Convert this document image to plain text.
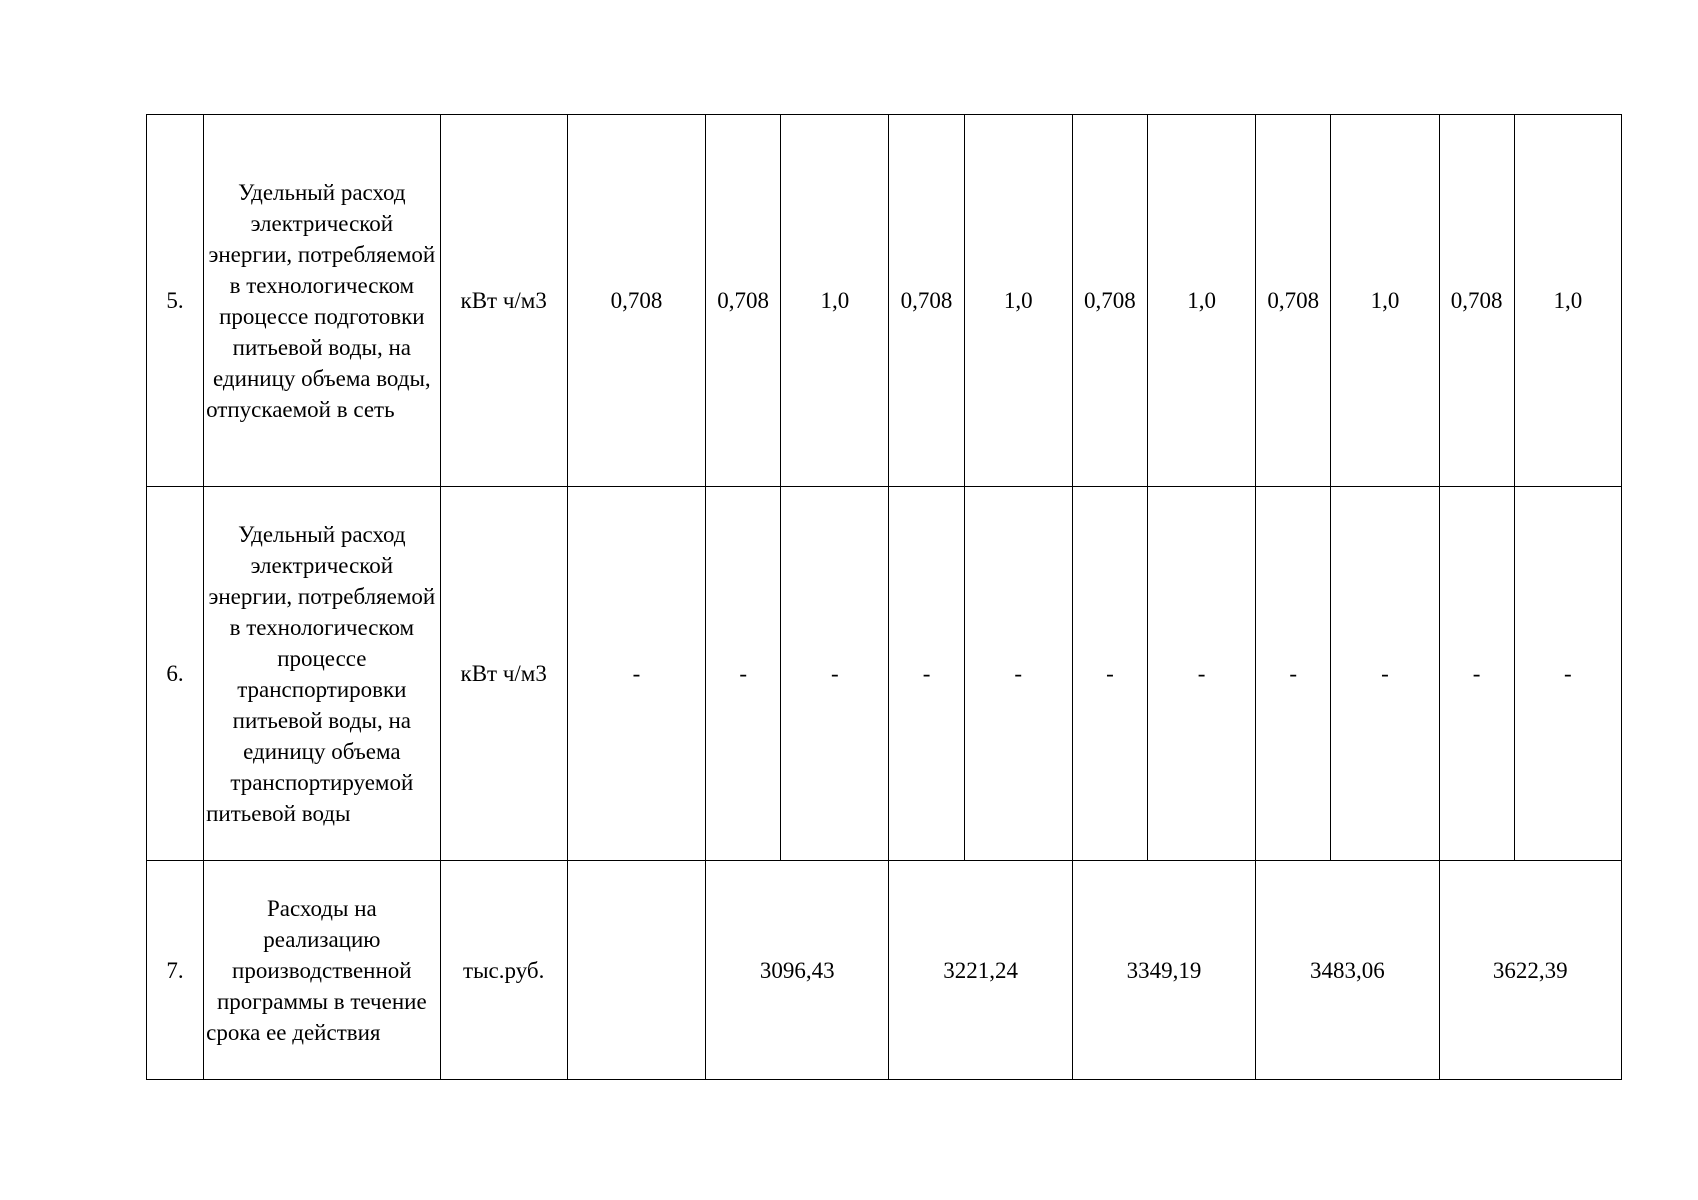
5.	Удельный расход электрической энергии, потребляемой в технологическом процессе подготовки питьевой воды, на единицу объема воды, отпускаемой в сеть	кВт ч/м3	0,708	0,708	1,0	0,708	1,0	0,708	1,0	0,708	1,0	0,708	1,0
6.	Удельный расход электрической энергии, потребляемой в технологическом процессе транспортировки питьевой воды, на единицу объема транспортируемой питьевой воды	кВт ч/м3	-	-	-	-	-	-	-	-	-	-	-
7.	Расходы на реализацию производственной программы в течение срока ее действия	тыс.руб.		3096,43		3221,24		3349,19		3483,06		3622,39	
